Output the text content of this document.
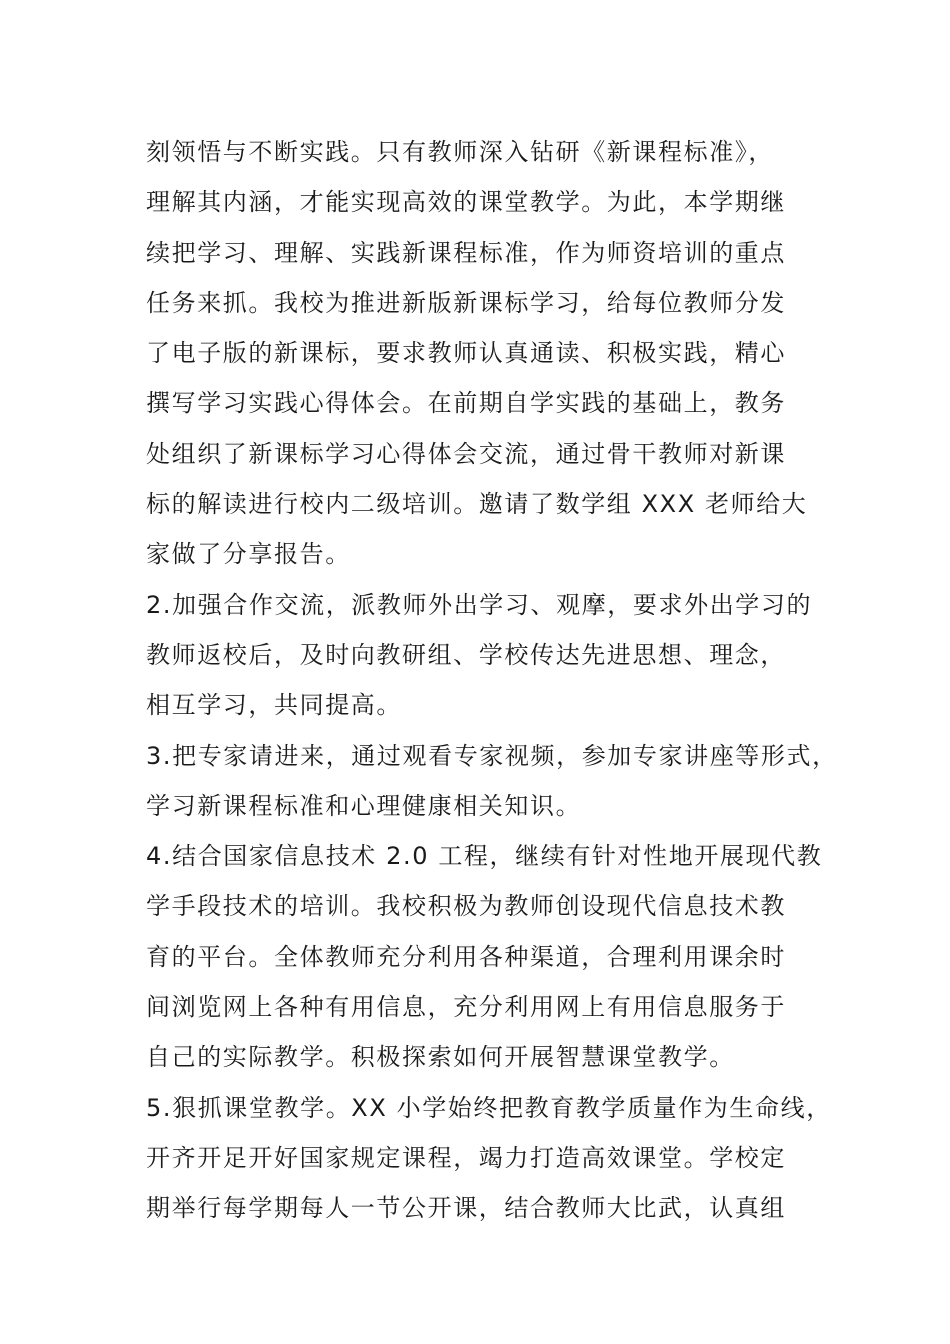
刻领悟与不断实践。只有教师深入钻研《新课程标准》，
理解其内涵，才能实现高效的课堂教学。为此，本学期继
续把学习、理解、实践新课程标准，作为师资培训的重点
任务来抓。我校为推进新版新课标学习，给每位教师分发
了电子版的新课标，要求教师认真通读、积极实践，精心
撰写学习实践心得体会。在前期自学实践的基础上，教务
处组织了新课标学习心得体会交流，通过骨干教师对新课
标的解读进行校内二级培训。邀请了数学组 XXX 老师给大
家做了分享报告。
2.加强合作交流，派教师外出学习、观摩，要求外出学习的
教师返校后，及时向教研组、学校传达先进思想、理念，
相互学习，共同提高。
3.把专家请进来，通过观看专家视频，参加专家讲座等形式，
学习新课程标准和心理健康相关知识。
4.结合国家信息技术 2.0 工程，继续有针对性地开展现代教
学手段技术的培训。我校积极为教师创设现代信息技术教
育的平台。全体教师充分利用各种渠道，合理利用课余时
间浏览网上各种有用信息，充分利用网上有用信息服务于
自己的实际教学。积极探索如何开展智慧课堂教学。
5.狠抓课堂教学。XX 小学始终把教育教学质量作为生命线，
开齐开足开好国家规定课程，竭力打造高效课堂。学校定
期举行每学期每人一节公开课，结合教师大比武，认真组
